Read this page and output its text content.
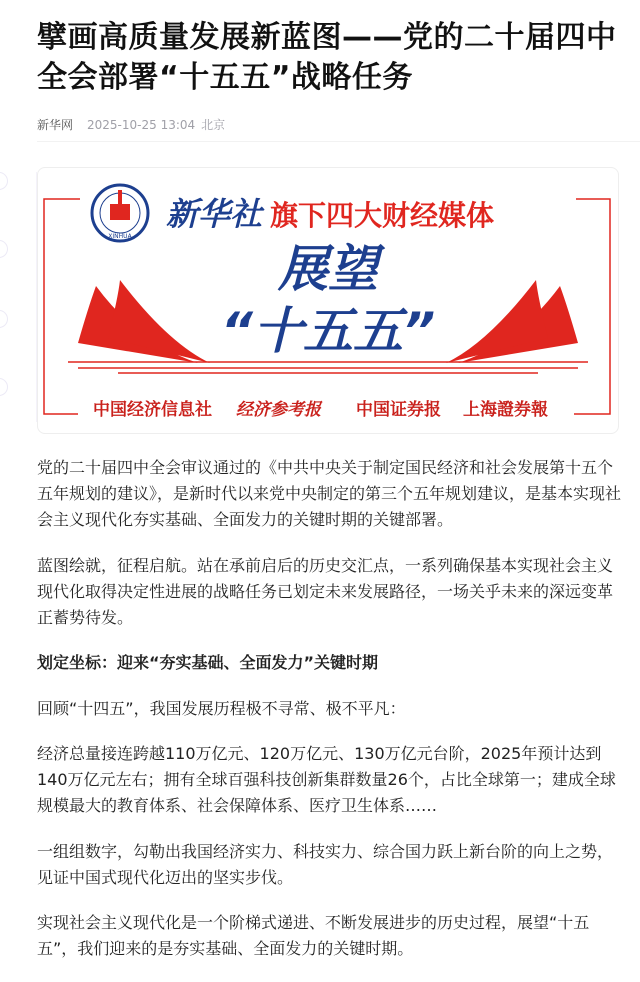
擘画高质量发展新蓝图——党的二十届四中全会部署“十五五”战略任务
新华网 2025-10-25 13:04 北京
XINHUA
新华社 旗下四大财经媒体
展望
“十五五”
中国经济信息社 经济参考报 中国证券报 上海證券報

党的二十届四中全会审议通过的《中共中央关于制定国民经济和社会发展第十五个五年规划的建议》，是新时代以来党中央制定的第三个五年规划建议，是基本实现社会主义现代化夯实基础、全面发力的关键时期的关键部署。

蓝图绘就，征程启航。站在承前启后的历史交汇点，一系列确保基本实现社会主义现代化取得决定性进展的战略任务已划定未来发展路径，一场关乎未来的深远变革正蓄势待发。

划定坐标：迎来“夯实基础、全面发力”关键时期

回顾“十四五”，我国发展历程极不寻常、极不平凡：

经济总量接连跨越110万亿元、120万亿元、130万亿元台阶，2025年预计达到140万亿元左右；拥有全球百强科技创新集群数量26个，占比全球第一；建成全球规模最大的教育体系、社会保障体系、医疗卫生体系……

一组组数字，勾勒出我国经济实力、科技实力、综合国力跃上新台阶的向上之势，见证中国式现代化迈出的坚实步伐。

实现社会主义现代化是一个阶梯式递进、不断发展进步的历史过程，展望“十五五”，我们迎来的是夯实基础、全面发力的关键时期。
